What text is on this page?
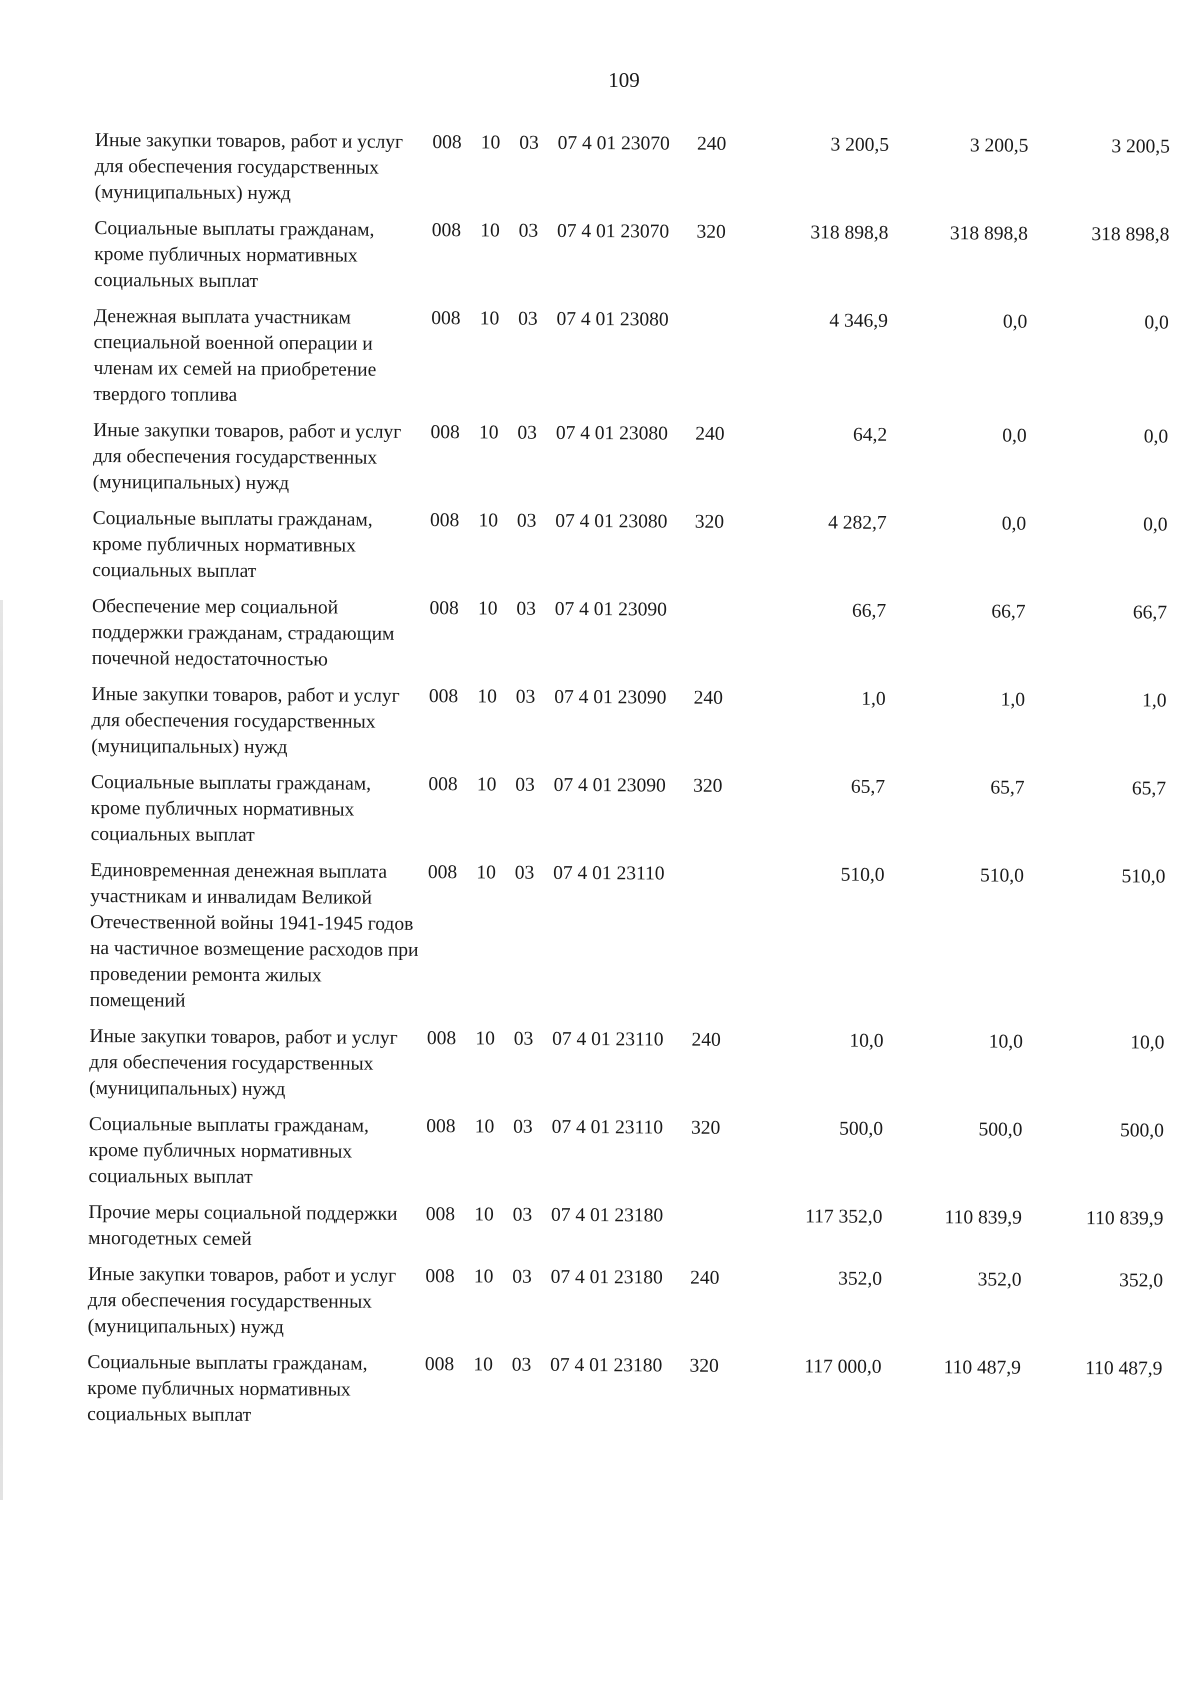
109
Иные закупки товаров, работ и услуг для обеспечения государственных (муниципальных) нужд	008	10	03	07 4 01 23070	240	3 200,5	3 200,5	3 200,5
Социальные выплаты гражданам, кроме публичных нормативных социальных выплат	008	10	03	07 4 01 23070	320	318 898,8	318 898,8	318 898,8
Денежная выплата участникам специальной военной операции и членам их семей на приобретение твердого топлива	008	10	03	07 4 01 23080		4 346,9	0,0	0,0
Иные закупки товаров, работ и услуг для обеспечения государственных (муниципальных) нужд	008	10	03	07 4 01 23080	240	64,2	0,0	0,0
Социальные выплаты гражданам, кроме публичных нормативных социальных выплат	008	10	03	07 4 01 23080	320	4 282,7	0,0	0,0
Обеспечение мер социальной поддержки гражданам, страдающим почечной недостаточностью	008	10	03	07 4 01 23090		66,7	66,7	66,7
Иные закупки товаров, работ и услуг для обеспечения государственных (муниципальных) нужд	008	10	03	07 4 01 23090	240	1,0	1,0	1,0
Социальные выплаты гражданам, кроме публичных нормативных социальных выплат	008	10	03	07 4 01 23090	320	65,7	65,7	65,7
Единовременная денежная выплата участникам и инвалидам Великой Отечественной войны 1941-1945 годов на частичное возмещение расходов при проведении ремонта жилых помещений	008	10	03	07 4 01 23110		510,0	510,0	510,0
Иные закупки товаров, работ и услуг для обеспечения государственных (муниципальных) нужд	008	10	03	07 4 01 23110	240	10,0	10,0	10,0
Социальные выплаты гражданам, кроме публичных нормативных социальных выплат	008	10	03	07 4 01 23110	320	500,0	500,0	500,0
Прочие меры социальной поддержки многодетных семей	008	10	03	07 4 01 23180		117 352,0	110 839,9	110 839,9
Иные закупки товаров, работ и услуг для обеспечения государственных (муниципальных) нужд	008	10	03	07 4 01 23180	240	352,0	352,0	352,0
Социальные выплаты гражданам, кроме публичных нормативных социальных выплат	008	10	03	07 4 01 23180	320	117 000,0	110 487,9	110 487,9
